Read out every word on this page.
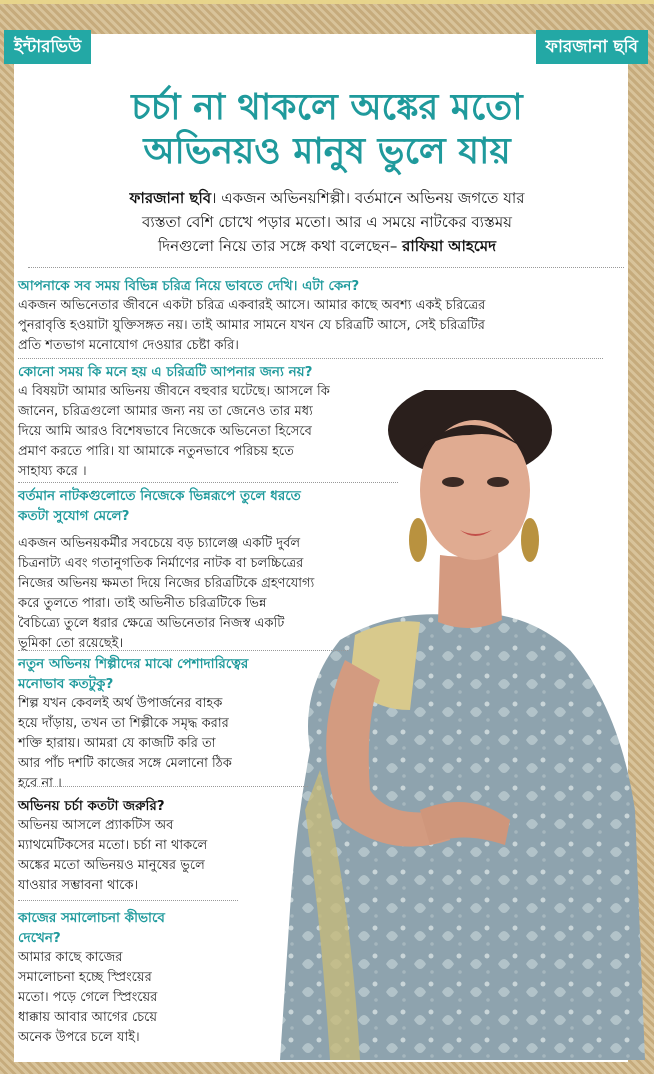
ইন্টারভিউ	ফারজানা ছবি
চর্চা না থাকলে অঙ্কের মতো
অভিনয়ও মানুষ ভুলে যায়
ফারজানা ছবি। একজন অভিনয়শিল্পী। বর্তমানে অভিনয় জগতে যার
ব্যস্ততা বেশি চোখে পড়ার মতো। আর এ সময়ে নাটকের ব্যস্তময়
দিনগুলো নিয়ে তার সঙ্গে কথা বলেছেন– রাফিয়া আহমেদ

আপনাকে সব সময় বিভিন্ন চরিত্র নিয়ে ভাবতে দেখি। এটা কেন?

একজন অভিনেতার জীবনে একটা চরিত্র একবারই আসে। আমার কাছে অবশ্য একই চরিত্রের

পুনরাবৃত্তি হওয়াটা যুক্তিসঙ্গত নয়। তাই আমার সামনে যখন যে চরিত্রটি আসে, সেই চরিত্রটির

প্রতি শতভাগ মনোযোগ দেওয়ার চেষ্টা করি।

কোনো সময় কি মনে হয় এ চরিত্রটি আপনার জন্য নয়?

এ বিষয়টা আমার অভিনয় জীবনে বহুবার ঘটেছে। আসলে কি

জানেন, চরিত্রগুলো আমার জন্য নয় তা জেনেও তার মধ্য

দিয়ে আমি আরও বিশেষভাবে নিজেকে অভিনেতা হিসেবে

প্রমাণ করতে পারি। যা আমাকে নতুনভাবে পরিচয় হতে

সাহায্য করে ।

বর্তমান নাটকগুলোতে নিজেকে ভিন্নরূপে তুলে ধরতে

কতটা সুযোগ মেলে?

একজন অভিনয়কর্মীর সবচেয়ে বড় চ্যালেঞ্জ একটি দুর্বল

চিত্রনাট্য এবং গতানুগতিক নির্মাণের নাটক বা চলচ্চিত্রের

নিজের অভিনয় ক্ষমতা দিয়ে নিজের চরিত্রটিকে গ্রহণযোগ্য

করে তুলতে পারা। তাই অভিনীত চরিত্রটিকে ভিন্ন

বৈচিত্র্যে তুলে ধরার ক্ষেত্রে অভিনেতার নিজস্ব একটি

ভূমিকা তো রয়েছেই।

নতুন অভিনয় শিল্পীদের মাঝে পেশাদারিত্বের

মনোভাব কতটুকু?

শিল্প যখন কেবলই অর্থ উপার্জনের বাহক

হয়ে দাঁড়ায়, তখন তা শিল্পীকে সমৃদ্ধ করার

শক্তি হারায়। আমরা যে কাজটি করি তা

আর পাঁচ দশটি কাজের সঙ্গে মেলানো ঠিক

হবে না ।

অভিনয় চর্চা কতটা জরুরি?

অভিনয় আসলে প্র্যাকটিস অব

ম্যাথমেটিকসের মতো। চর্চা না থাকলে

অঙ্কের মতো অভিনয়ও মানুষের ভুলে

যাওয়ার সম্ভাবনা থাকে।

কাজের সমালোচনা কীভাবে

দেখেন?

আমার কাছে কাজের

সমালোচনা হচ্ছে স্প্রিংয়ের

মতো। পড়ে গেলে স্প্রিংয়ের

ধাক্কায় আবার আগের চেয়ে

অনেক উপরে চলে যাই।
